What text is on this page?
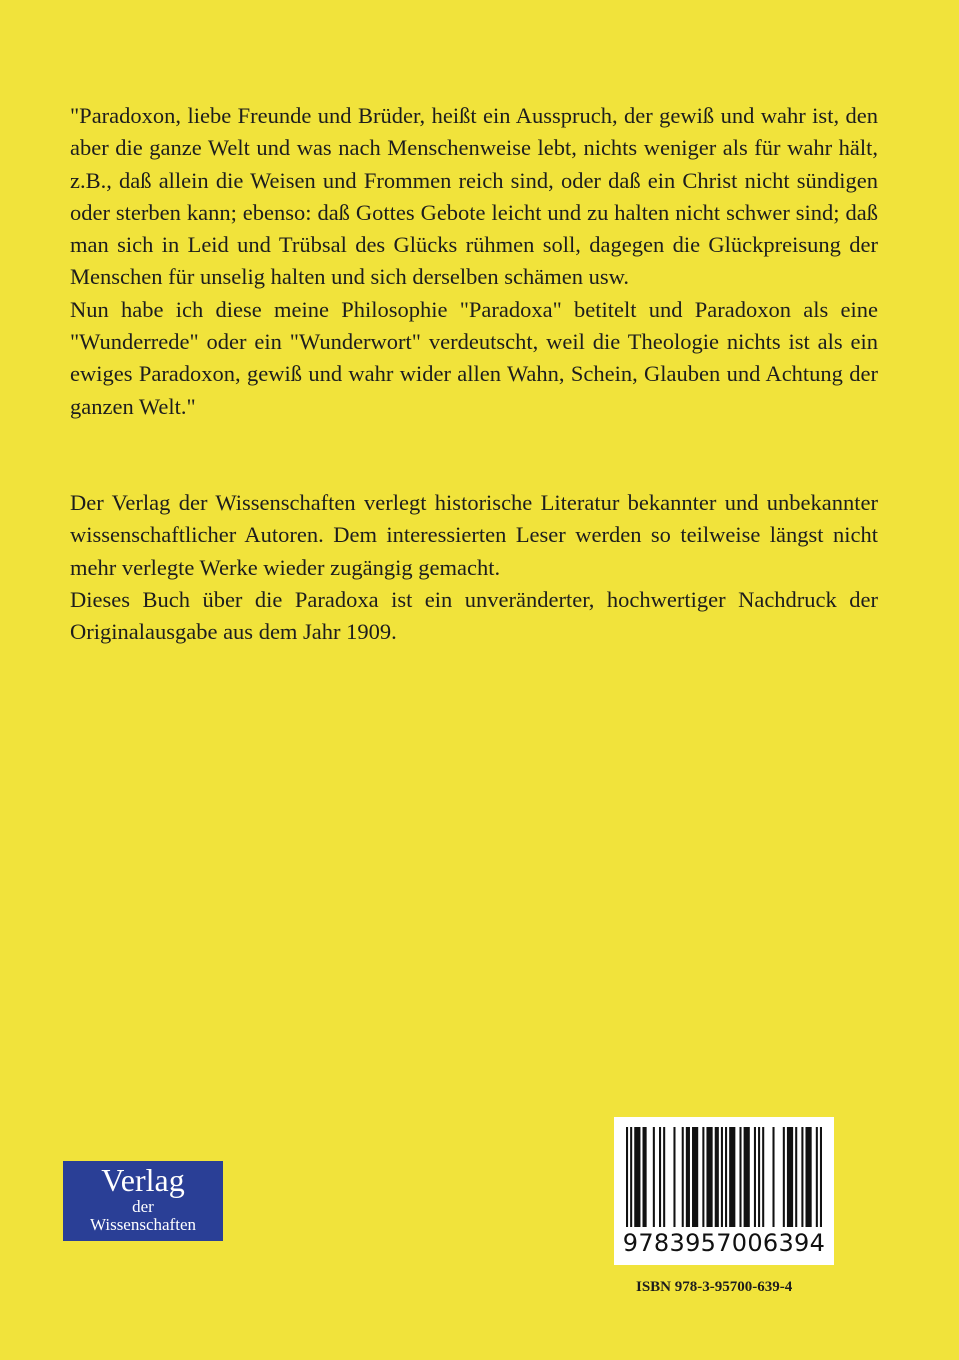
"Paradoxon, liebe Freunde und Brüder, heißt ein Ausspruch, der gewiß und wahr ist, den aber die ganze Welt und was nach Menschenweise lebt, nichts weniger als für wahr hält, z.B., daß allein die Weisen und Frommen reich sind, oder daß ein Christ nicht sündigen oder sterben kann; ebenso: daß Gottes Gebote leicht und zu halten nicht schwer sind; daß man sich in Leid und Trübsal des Glücks rühmen soll, dagegen die Glückpreisung der Menschen für unselig halten und sich derselben schämen usw.

Nun habe ich diese meine Philosophie "Paradoxa" betitelt und Paradoxon als eine "Wunderrede" oder ein "Wunderwort" verdeutscht, weil die Theologie nichts ist als ein ewiges Paradoxon, gewiß und wahr wider allen Wahn, Schein, Glauben und Achtung der ganzen Welt."

Der Verlag der Wissenschaften verlegt historische Literatur bekannter und unbekannter wissenschaftlicher Autoren. Dem interessierten Leser werden so teilweise längst nicht mehr verlegte Werke wieder zugängig gemacht.

Dieses Buch über die Paradoxa ist ein unveränderter, hochwertiger Nachdruck der Originalausgabe aus dem Jahr 1909.

Verlag
der
Wissenschaften
9783957006394
ISBN 978-3-95700-639-4
